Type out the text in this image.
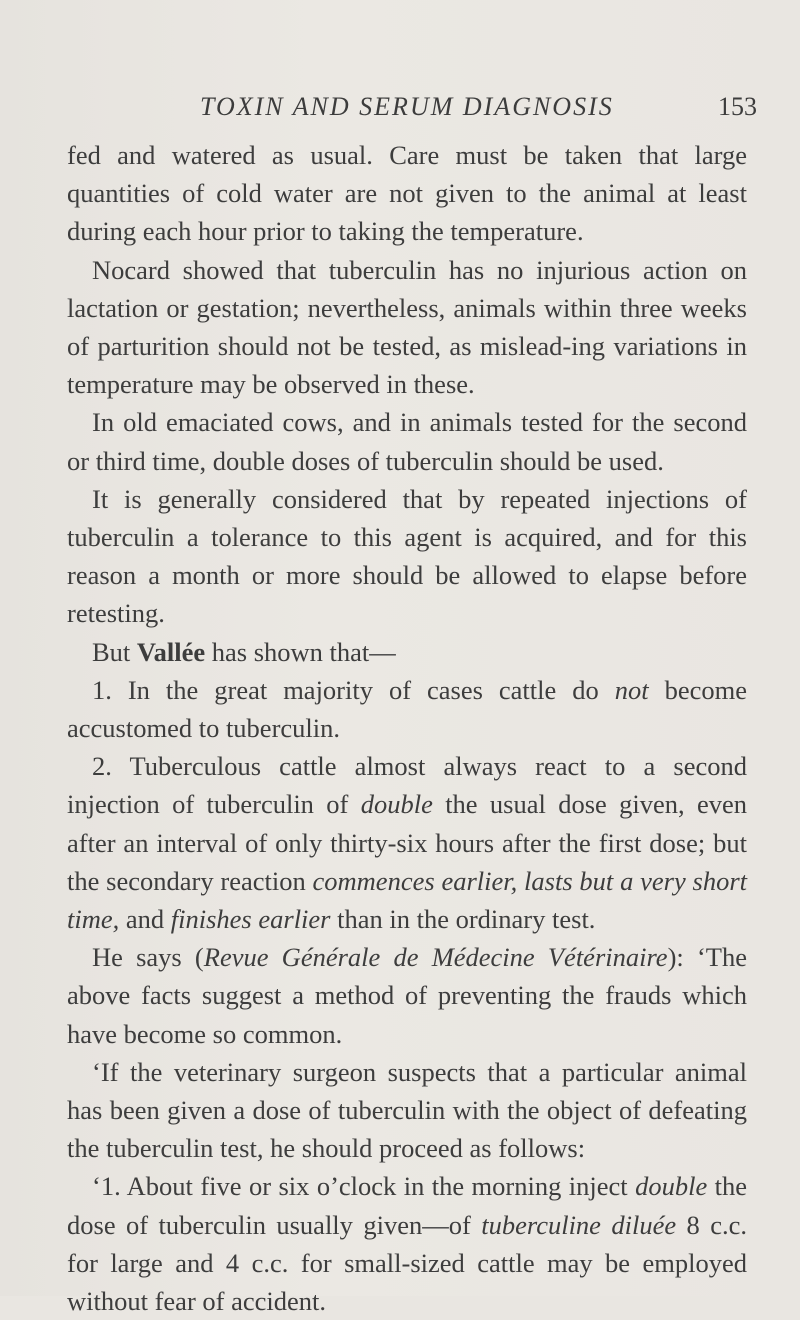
TOXIN AND SERUM DIAGNOSIS	153

fed and watered as usual. Care must be taken that large quantities of cold water are not given to the animal at least during each hour prior to taking the temperature.

Nocard showed that tuberculin has no injurious action on lactation or gestation; nevertheless, animals within three weeks of parturition should not be tested, as mislead-ing variations in temperature may be observed in these.

In old emaciated cows, and in animals tested for the second or third time, double doses of tuberculin should be used.

It is generally considered that by repeated injections of tuberculin a tolerance to this agent is acquired, and for this reason a month or more should be allowed to elapse before retesting.

But Vallée has shown that—

1. In the great majority of cases cattle do not become accustomed to tuberculin.

2. Tuberculous cattle almost always react to a second injection of tuberculin of double the usual dose given, even after an interval of only thirty-six hours after the first dose; but the secondary reaction commences earlier, lasts but a very short time, and finishes earlier than in the ordinary test.

He says (Revue Générale de Médecine Vétérinaire): ‘The above facts suggest a method of preventing the frauds which have become so common.

‘If the veterinary surgeon suspects that a particular animal has been given a dose of tuberculin with the object of defeating the tuberculin test, he should proceed as follows:

‘1. About five or six o’clock in the morning inject double the dose of tuberculin usually given—of tuberculine diluée 8 c.c. for large and 4 c.c. for small-sized cattle may be employed without fear of accident.
